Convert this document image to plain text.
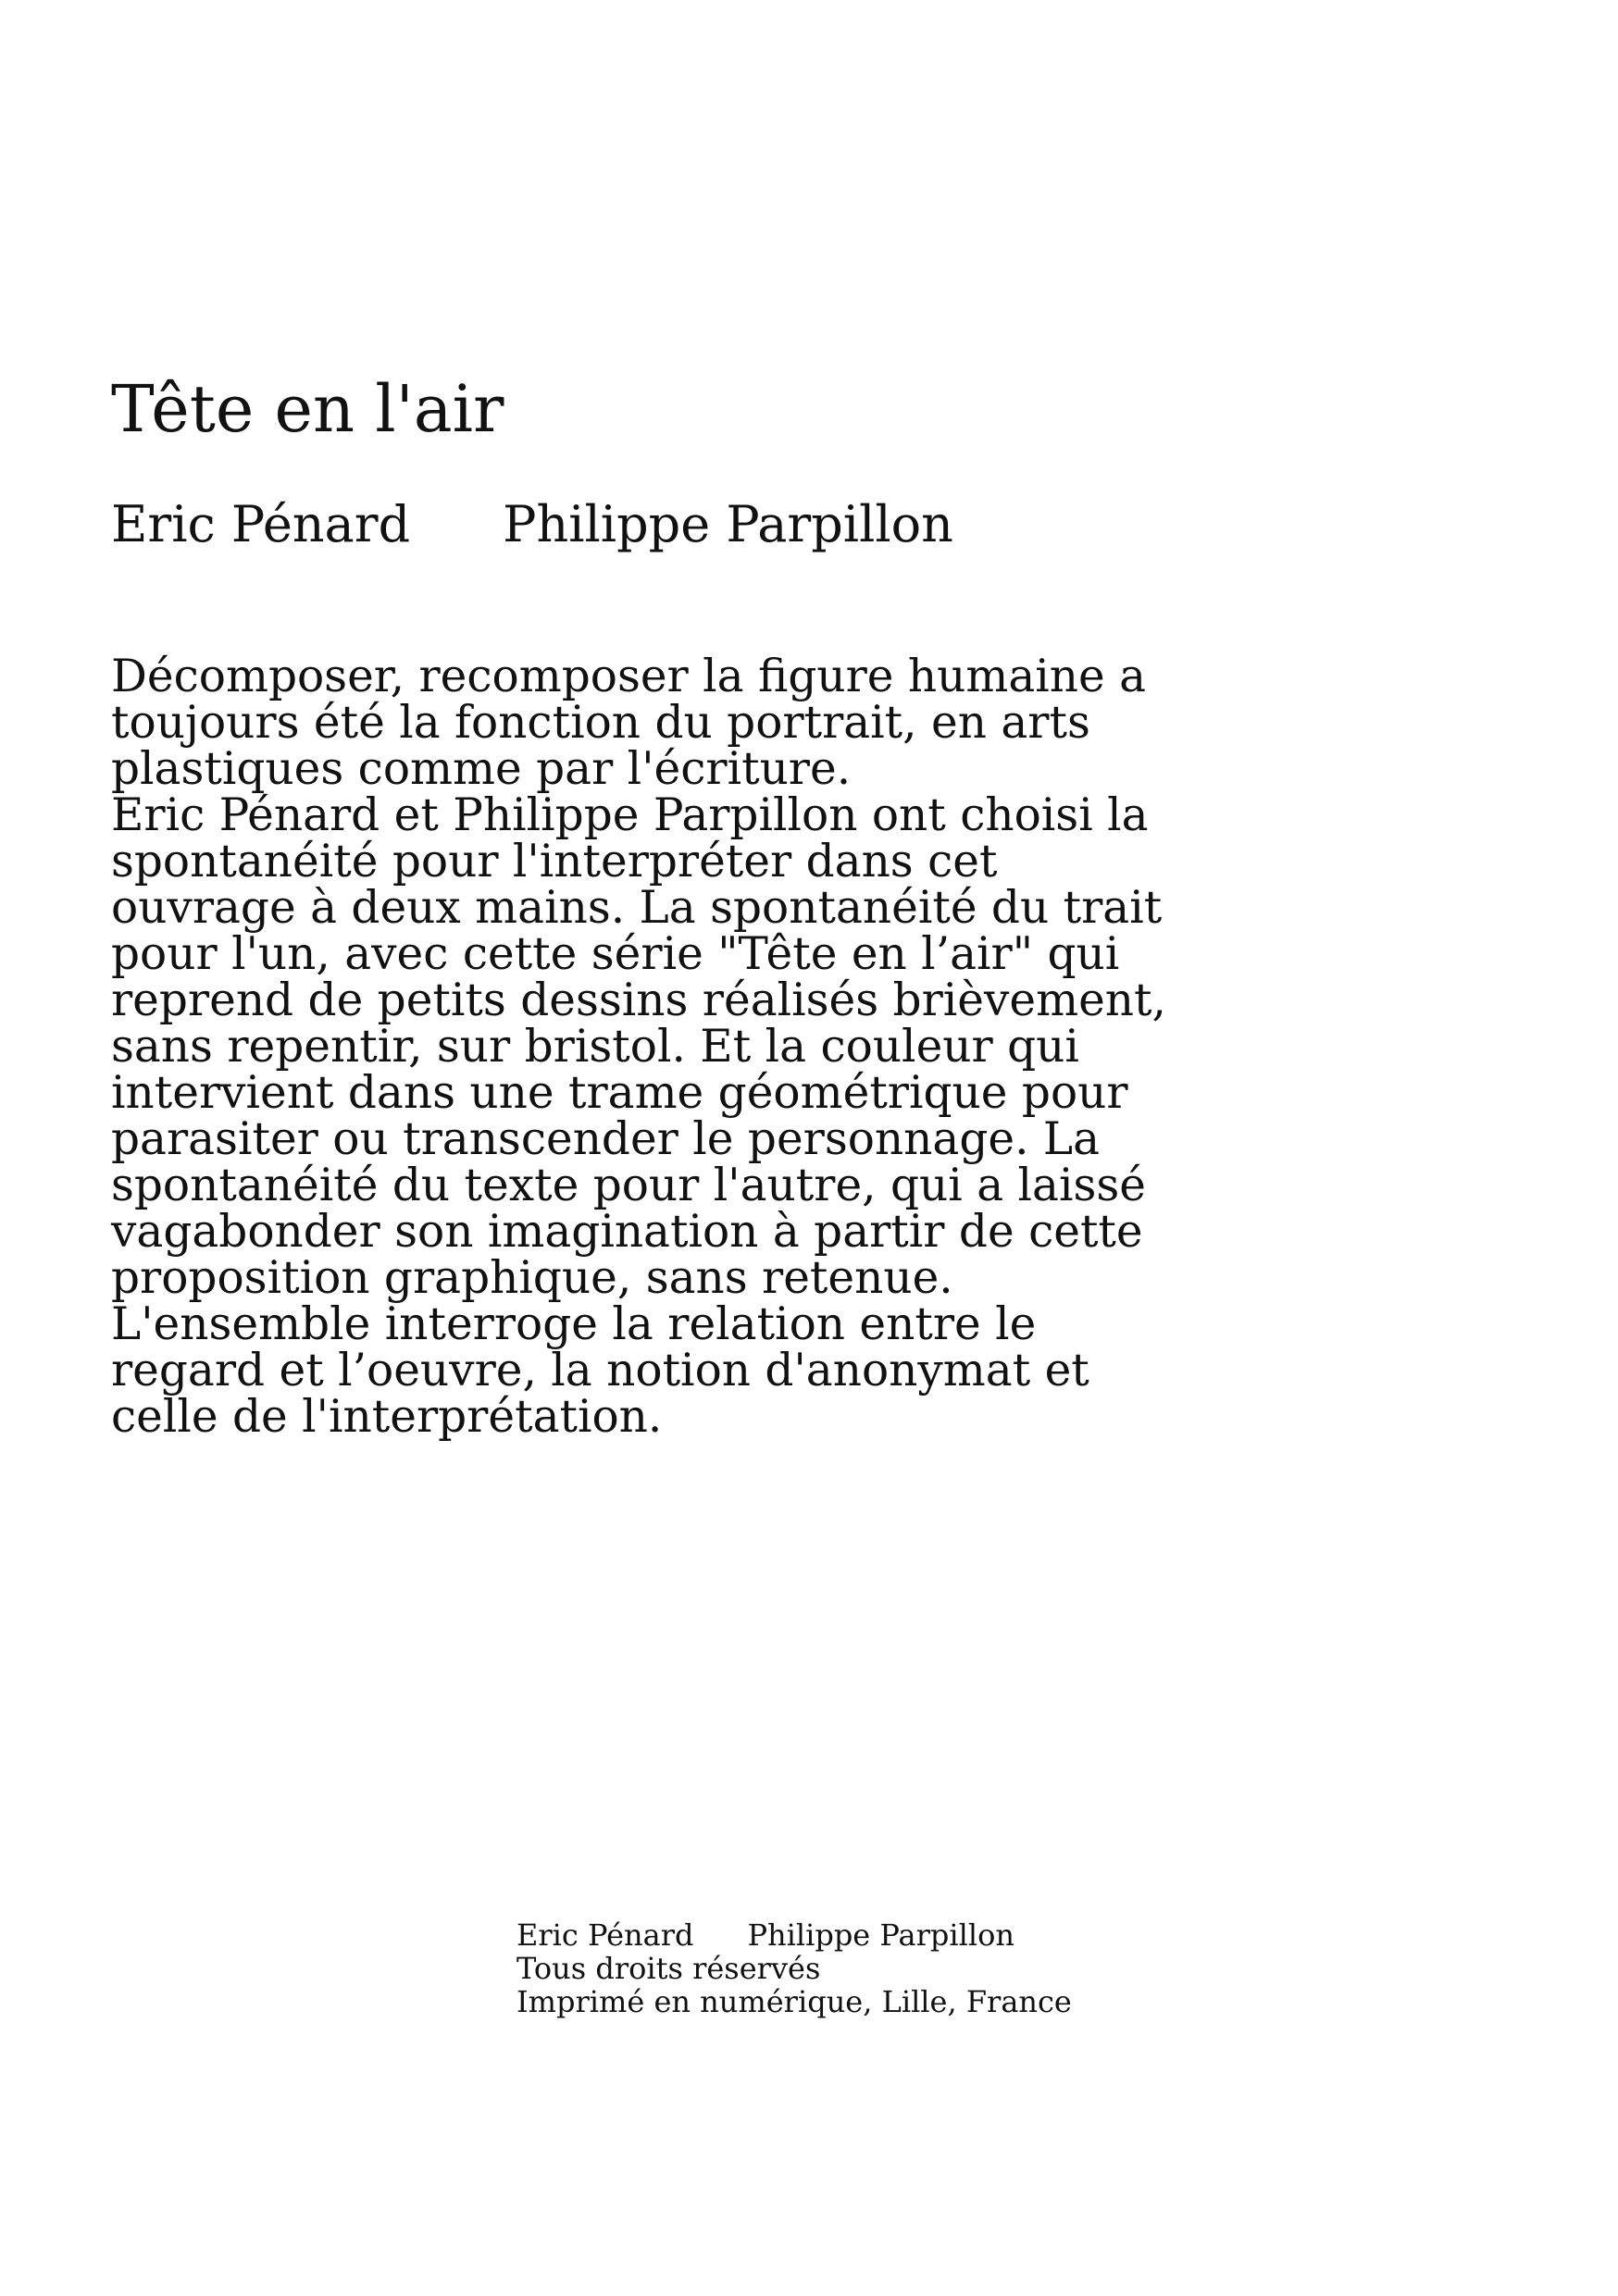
Tête en l'air
Eric Pénard Philippe Parpillon

Décomposer, recomposer la figure humaine a

toujours été la fonction du portrait, en arts

plastiques comme par l'écriture.

Eric Pénard et Philippe Parpillon ont choisi la

spontanéité pour l'interpréter dans cet

ouvrage à deux mains. La spontanéité du trait

pour l'un, avec cette série "Tête en l’air" qui

reprend de petits dessins réalisés brièvement,

sans repentir, sur bristol. Et la couleur qui

intervient dans une trame géométrique pour

parasiter ou transcender le personnage. La

spontanéité du texte pour l'autre, qui a laissé

vagabonder son imagination à partir de cette

proposition graphique, sans retenue.

L'ensemble interroge la relation entre le

regard et l’oeuvre, la notion d'anonymat et

celle de l'interprétation.

Eric Pénard Philippe Parpillon
Tous droits réservés
Imprimé en numérique, Lille, France
